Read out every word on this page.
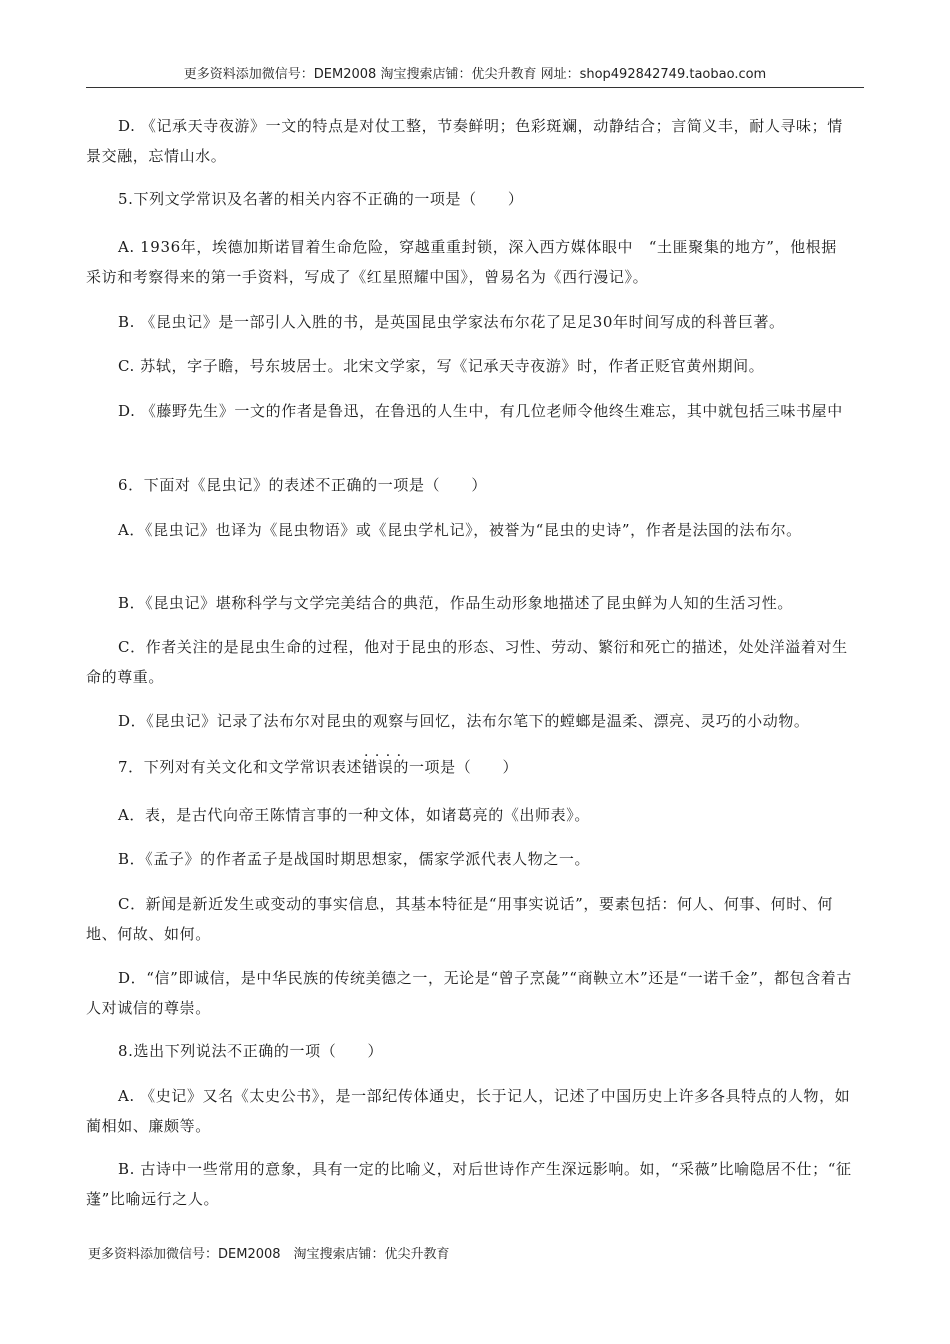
更多资料添加微信号：DEM2008 淘宝搜索店铺：优尖升教育 网址：shop492842749.taobao.com
D. 《记承天寺夜游》一文的特点是对仗工整，节奏鲜明；色彩斑斓，动静结合；言简义丰，耐人寻味；情景交融，忘情山水。
5.下列文学常识及名著的相关内容不正确的一项是（　　）
A. 1936年，埃德加斯诺冒着生命危险，穿越重重封锁，深入西方媒体眼中　“土匪聚集的地方”，他根据采访和考察得来的第一手资料，写成了《红星照耀中国》，曾易名为《西行漫记》。
B. 《昆虫记》是一部引人入胜的书，是英国昆虫学家法布尔花了足足30年时间写成的科普巨著。
C. 苏轼，字子瞻，号东坡居士。北宋文学家，写《记承天寺夜游》时，作者正贬官黄州期间。
D. 《藤野先生》一文的作者是鲁迅，在鲁迅的人生中，有几位老师令他终生难忘，其中就包括三味书屋中
6．下面对《昆虫记》的表述不正确的一项是（　　）
A．《昆虫记》也译为《昆虫物语》或《昆虫学札记》，被誉为“昆虫的史诗”，作者是法国的法布尔。
B．《昆虫记》堪称科学与文学完美结合的典范，作品生动形象地描述了昆虫鲜为人知的生活习性。
C．作者关注的是昆虫生命的过程，他对于昆虫的形态、习性、劳动、繁衍和死亡的描述，处处洋溢着对生命的尊重。
D．《昆虫记》记录了法布尔对昆虫的观察与回忆，法布尔笔下的螳螂是温柔、漂亮、灵巧的小动物。
7．下列对有关文化和文学常识· · · · 表述错误的一项是（　　）
A．表，是古代向帝王陈情言事的一种文体，如诸葛亮的《出师表》。
B．《孟子》的作者孟子是战国时期思想家，儒家学派代表人物之一。
C．新闻是新近发生或变动的事实信息，其基本特征是“用事实说话”，要素包括：何人、何事、何时、何地、何故、如何。
D．“信”即诚信，是中华民族的传统美德之一，无论是“曾子烹彘”“商鞅立木”还是“一诺千金”，都包含着古人对诚信的尊崇。
8.选出下列说法不正确的一项（　　）
A. 《史记》又名《太史公书》，是一部纪传体通史，长于记人，记述了中国历史上许多各具特点的人物，如蔺相如、廉颇等。
B. 古诗中一些常用的意象，具有一定的比喻义，对后世诗作产生深远影响。如，“采薇”比喻隐居不仕；“征蓬”比喻远行之人。
更多资料添加微信号：DEM2008　淘宝搜索店铺：优尖升教育
